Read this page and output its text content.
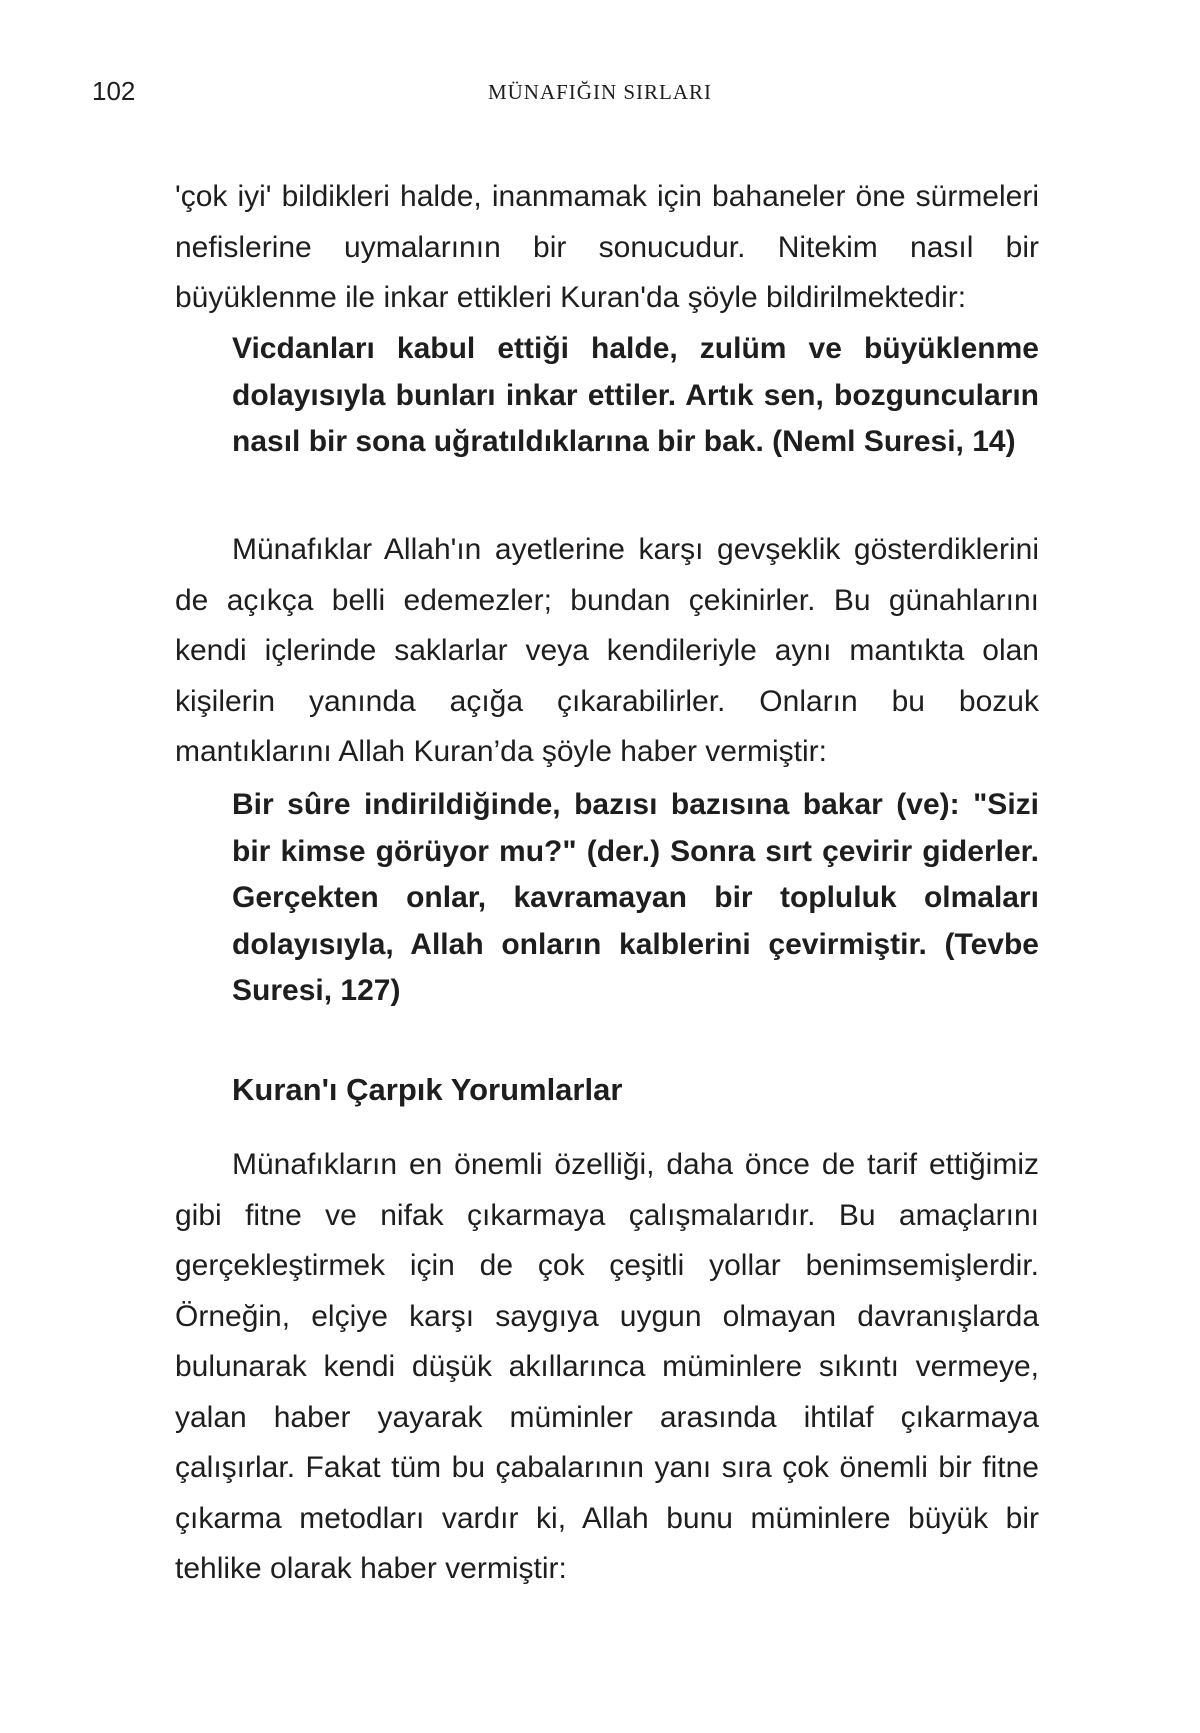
102	MÜNAFIĞIN SIRLARI

'çok iyi' bildikleri halde, inanmamak için bahaneler öne sürmeleri nefislerine uymalarının bir sonucudur. Nitekim nasıl bir büyüklenme ile inkar ettikleri Kuran'da şöyle bildirilmektedir:

Vicdanları kabul ettiği halde, zulüm ve büyüklenme dolayısıyla bunları inkar ettiler. Artık sen, bozguncuların nasıl bir sona uğratıldıklarına bir bak. (Neml Suresi, 14)

Münafıklar Allah'ın ayetlerine karşı gevşeklik gösterdiklerini de açıkça belli edemezler; bundan çekinirler. Bu günahlarını kendi içlerinde saklarlar veya kendileriyle aynı mantıkta olan kişilerin yanında açığa çıkarabilirler. Onların bu bozuk mantıklarını Allah Kuran’da şöyle haber vermiştir:

Bir sûre indirildiğinde, bazısı bazısına bakar (ve): "Sizi bir kimse görüyor mu?" (der.) Sonra sırt çevirir giderler. Gerçekten onlar, kavramayan bir topluluk olmaları dolayısıyla, Allah onların kalblerini çevirmiştir. (Tevbe Suresi, 127)

Kuran'ı Çarpık Yorumlarlar

Münafıkların en önemli özelliği, daha önce de tarif ettiğimiz gibi fitne ve nifak çıkarmaya çalışmalarıdır. Bu amaçlarını gerçekleştirmek için de çok çeşitli yollar benimsemişlerdir. Örneğin, elçiye karşı saygıya uygun olmayan davranışlarda bulunarak kendi düşük akıllarınca müminlere sıkıntı vermeye, yalan haber yayarak müminler arasında ihtilaf çıkarmaya çalışırlar. Fakat tüm bu çabalarının yanı sıra çok önemli bir fitne çıkarma metodları vardır ki, Allah bunu müminlere büyük bir tehlike olarak haber vermiştir:
